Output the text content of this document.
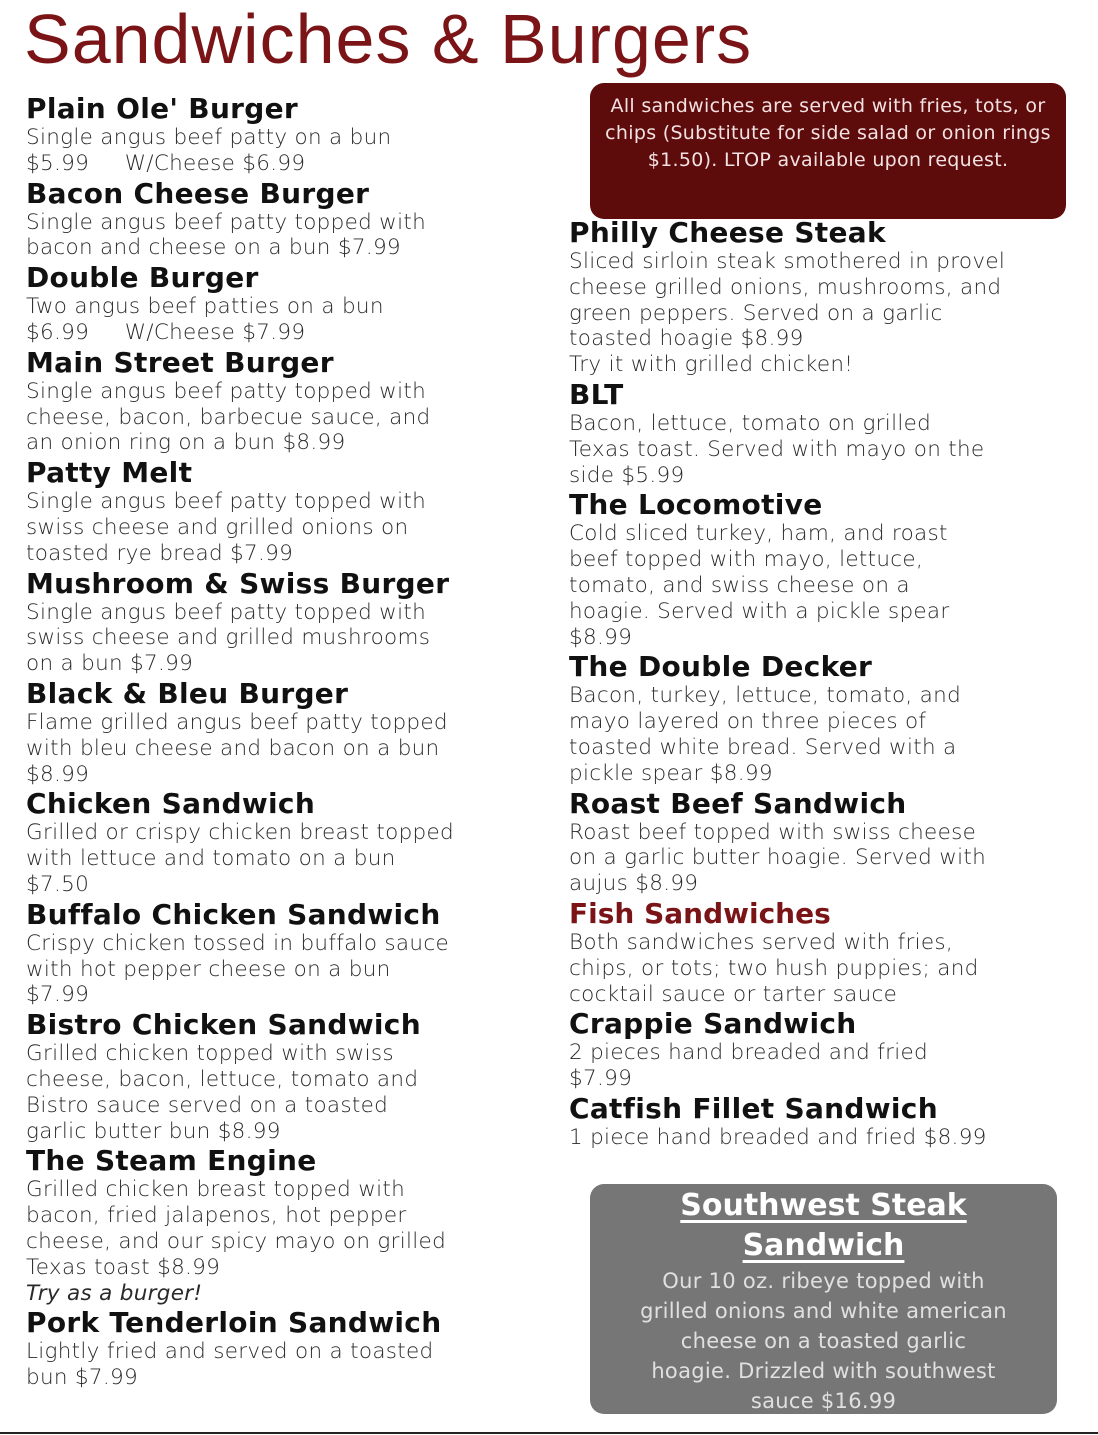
Sandwiches & Burgers
All sandwiches are served with fries, tots, or chips (Substitute for side salad or onion rings $1.50). LTOP available upon request.
Plain Ole' Burger
Single angus beef patty on a bun
$5.99     W/Cheese $6.99
Bacon Cheese Burger
Single angus beef patty topped with
bacon and cheese on a bun $7.99
Double Burger
Two angus beef patties on a bun
$6.99     W/Cheese $7.99
Main Street Burger
Single angus beef patty topped with
cheese, bacon, barbecue sauce, and
an onion ring on a bun $8.99
Patty Melt
Single angus beef patty topped with
swiss cheese and grilled onions on
toasted rye bread $7.99
Mushroom & Swiss Burger
Single angus beef patty topped with
swiss cheese and grilled mushrooms
on a bun $7.99
Black & Bleu Burger
Flame grilled angus beef patty topped
with bleu cheese and bacon on a bun
$8.99
Chicken Sandwich
Grilled or crispy chicken breast topped
with lettuce and tomato on a bun
$7.50
Buffalo Chicken Sandwich
Crispy chicken tossed in buffalo sauce
with hot pepper cheese on a bun
$7.99
Bistro Chicken Sandwich
Grilled chicken topped with swiss
cheese, bacon, lettuce, tomato and
Bistro sauce served on a toasted
garlic butter bun $8.99
The Steam Engine
Grilled chicken breast topped with
bacon, fried jalapenos, hot pepper
cheese, and our spicy mayo on grilled
Texas toast $8.99
Try as a burger!
Pork Tenderloin Sandwich
Lightly fried and served on a toasted
bun $7.99
Philly Cheese Steak
Sliced sirloin steak smothered in provel
cheese grilled onions, mushrooms, and
green peppers. Served on a garlic
toasted hoagie $8.99
Try it with grilled chicken!
BLT
Bacon, lettuce, tomato on grilled
Texas toast. Served with mayo on the
side $5.99
The Locomotive
Cold sliced turkey, ham, and roast
beef topped with mayo, lettuce,
tomato, and swiss cheese on a
hoagie. Served with a pickle spear
$8.99
The Double Decker
Bacon, turkey, lettuce, tomato, and
mayo layered on three pieces of
toasted white bread. Served with a
pickle spear $8.99
Roast Beef Sandwich
Roast beef topped with swiss cheese
on a garlic butter hoagie. Served with
aujus $8.99
Fish Sandwiches
Both sandwiches served with fries,
chips, or tots; two hush puppies; and
cocktail sauce or tarter sauce
Crappie Sandwich
2 pieces hand breaded and fried
$7.99
Catfish Fillet Sandwich
1 piece hand breaded and fried $8.99
Southwest Steak
Sandwich
Our 10 oz. ribeye topped with
grilled onions and white american
cheese on a toasted garlic
hoagie. Drizzled with southwest
sauce $16.99
